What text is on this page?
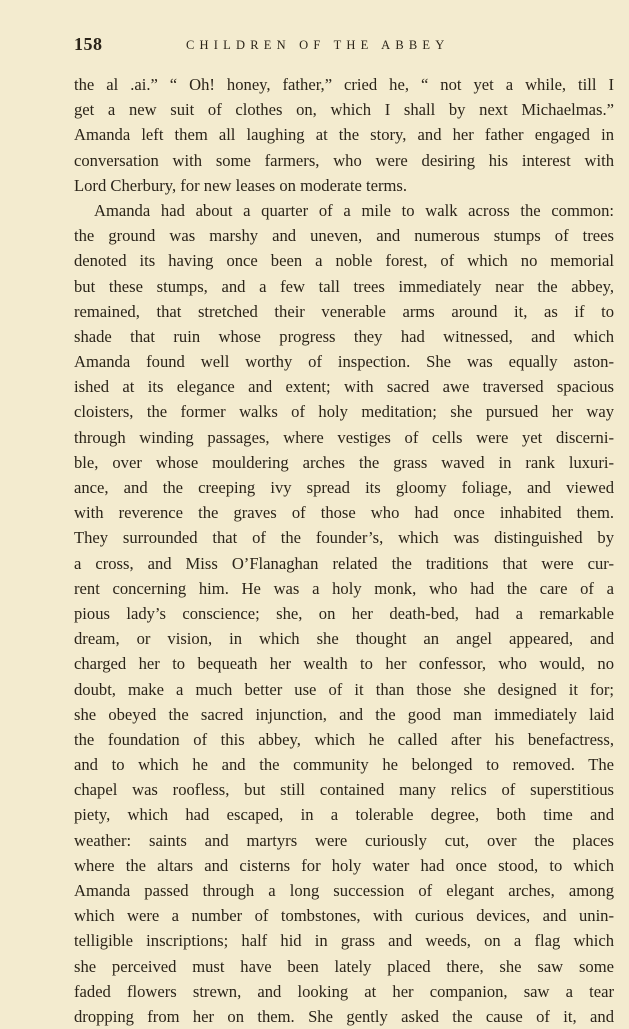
158	CHILDREN OF THE ABBEY
the al .ai.” “ Oh! honey, father,” cried he, “ not yet a while, till I
get a new suit of clothes on, which I shall by next Michaelmas.”
Amanda left them all laughing at the story, and her father engaged in
conversation with some farmers, who were desiring his interest with
Lord Cherbury, for new leases on moderate terms.
Amanda had about a quarter of a mile to walk across the common:
the ground was marshy and uneven, and numerous stumps of trees
denoted its having once been a noble forest, of which no memorial
but these stumps, and a few tall trees immediately near the abbey,
remained, that stretched their venerable arms around it, as if to
shade that ruin whose progress they had witnessed, and which
Amanda found well worthy of inspection. She was equally aston-
ished at its elegance and extent; with sacred awe traversed spacious
cloisters, the former walks of holy meditation; she pursued her way
through winding passages, where vestiges of cells were yet discerni-
ble, over whose mouldering arches the grass waved in rank luxuri-
ance, and the creeping ivy spread its gloomy foliage, and viewed
with reverence the graves of those who had once inhabited them.
They surrounded that of the founder’s, which was distinguished by
a cross, and Miss O’Flanaghan related the traditions that were cur-
rent concerning him. He was a holy monk, who had the care of a
pious lady’s conscience; she, on her death-bed, had a remarkable
dream, or vision, in which she thought an angel appeared, and
charged her to bequeath her wealth to her confessor, who would, no
doubt, make a much better use of it than those she designed it for;
she obeyed the sacred injunction, and the good man immediately laid
the foundation of this abbey, which he called after his benefactress,
and to which he and the community he belonged to removed. The
chapel was roofless, but still contained many relics of superstitious
piety, which had escaped, in a tolerable degree, both time and
weather: saints and martyrs were curiously cut, over the places
where the altars and cisterns for holy water had once stood, to which
Amanda passed through a long succession of elegant arches, among
which were a number of tombstones, with curious devices, and unin-
telligible inscriptions; half hid in grass and weeds, on a flag which
she perceived must have been lately placed there, she saw some
faded flowers strewn, and looking at her companion, saw a tear
dropping from her on them. She gently asked the cause of it, and
